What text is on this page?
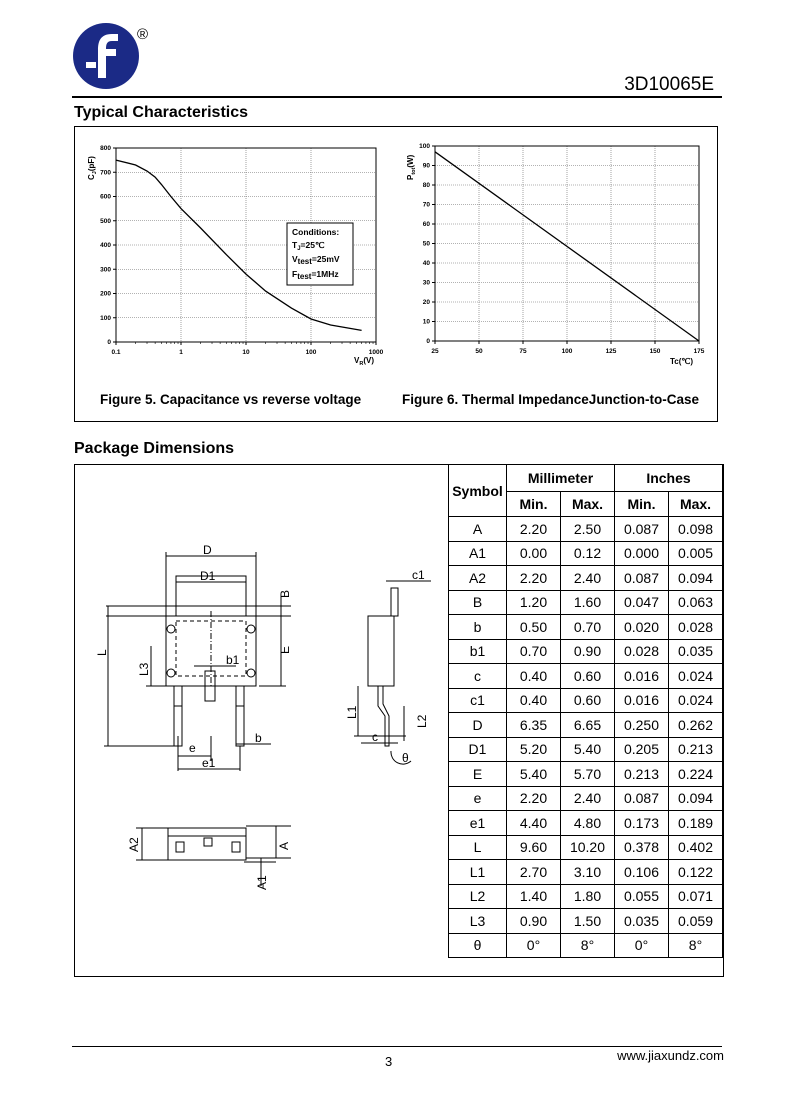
®
3D10065E
Typical Characteristics
0
100
200
300
400
500
600
700
800
0.1	1	10	100	1000
Conditions:
$T_J=25℃$
Vtest=25mV
Ftest=1MHz
$V_R(V)$
$C_J(pF)$
0
10
20
30
40
50
60
70
80
90
100
25	50	75	100	125	150	175
Tc(℃)
$P_{tot}(W)$
Figure 5. Capacitance vs reverse voltage	Figure 6. Thermal ImpedanceJunction-to-Case
Package Dimensions
D
D1
B
E
L
L3
b1
e
b
e1
c1
L1
L2
c
θ
A2	A
A1
Symbol	Millimeter		Inches	
	Min.	Max.	Min.	Max.
A	2.20	2.50	0.087	0.098
A1	0.00	0.12	0.000	0.005
A2	2.20	2.40	0.087	0.094
B	1.20	1.60	0.047	0.063
b	0.50	0.70	0.020	0.028
b1	0.70	0.90	0.028	0.035
c	0.40	0.60	0.016	0.024
c1	0.40	0.60	0.016	0.024
D	6.35	6.65	0.250	0.262
D1	5.20	5.40	0.205	0.213
E	5.40	5.70	0.213	0.224
e	2.20	2.40	0.087	0.094
e1	4.40	4.80	0.173	0.189
L	9.60	10.20	0.378	0.402
L1	2.70	3.10	0.106	0.122
L2	1.40	1.80	0.055	0.071
L3	0.90	1.50	0.035	0.059
θ	0°	8°	0°	8°
3	www.jiaxundz.com
